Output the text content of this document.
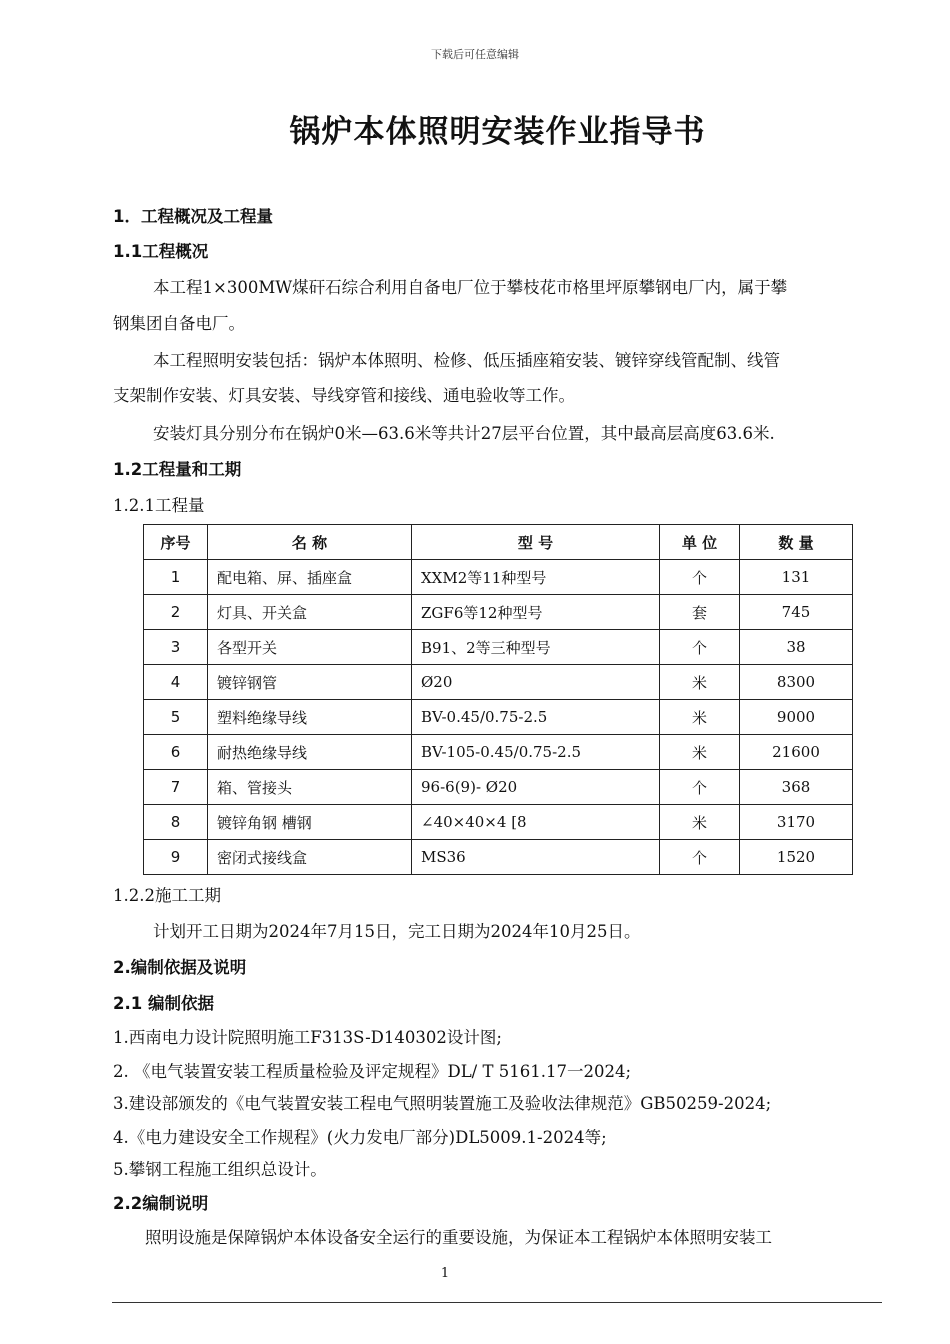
下载后可任意编辑
锅炉本体照明安装作业指导书
1．工程概况及工程量
1.1工程概况
本工程1×300MW煤矸石综合利用自备电厂位于攀枝花市格里坪原攀钢电厂内，属于攀
钢集团自备电厂。
本工程照明安装包括：锅炉本体照明、检修、低压插座箱安装、镀锌穿线管配制、线管
支架制作安装、灯具安装、导线穿管和接线、通电验收等工作。
安装灯具分别分布在锅炉0米—63.6米等共计27层平台位置，其中最高层高度63.6米.
1.2工程量和工期
1.2.1工程量
序号	名 称	型 号	单 位	数 量
1	配电箱、屏、插座盒	XXM2等11种型号	个	131
2	灯具、开关盒	ZGF6等12种型号	套	745
3	各型开关	B91、2等三种型号	个	38
4	镀锌钢管	Ø20	米	8300
5	塑料绝缘导线	BV-0.45/0.75-2.5	米	9000
6	耐热绝缘导线	BV-105-0.45/0.75-2.5	米	21600
7	箱、管接头	96-6(9)- Ø20	个	368
8	镀锌角钢 槽钢	∠40×40×4 [8	米	3170
9	密闭式接线盒	MS36	个	1520
1.2.2施工工期
计划开工日期为2024年7月15日，完工日期为2024年10月25日。
2.编制依据及说明
2.1 编制依据
1.西南电力设计院照明施工F313S-D140302设计图;
2. 《电气装置安装工程质量检验及评定规程》DL/ T 5161.17一2024;
3.建设部颁发的《电气装置安装工程电气照明装置施工及验收法律规范》GB50259-2024;
4.《电力建设安全工作规程》(火力发电厂部分)DL5009.1-2024等;
5.攀钢工程施工组织总设计。
2.2编制说明
照明设施是保障锅炉本体设备安全运行的重要设施，为保证本工程锅炉本体照明安装工
1
